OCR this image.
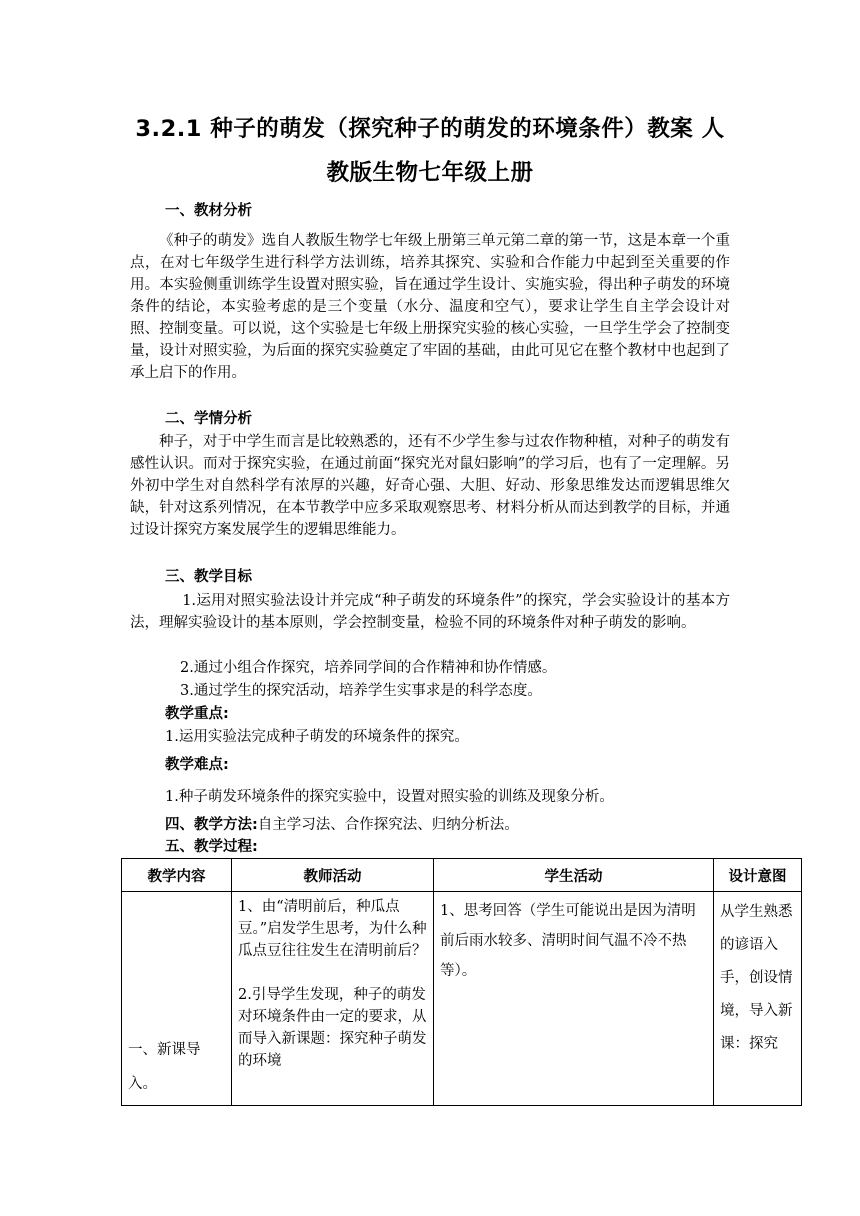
3.2.1 种子的萌发（探究种子的萌发的环境条件）教案 人
教版生物七年级上册
一、教材分析

《种子的萌发》选自人教版生物学七年级上册第三单元第二章的第一节，这是本章一个重点，在对七年级学生进行科学方法训练，培养其探究、实验和合作能力中起到至关重要的作用。本实验侧重训练学生设置对照实验，旨在通过学生设计、实施实验，得出种子萌发的环境条件的结论，本实验考虑的是三个变量（水分、温度和空气），要求让学生自主学会设计对照、控制变量。可以说，这个实验是七年级上册探究实验的核心实验，一旦学生学会了控制变量，设计对照实验，为后面的探究实验奠定了牢固的基础，由此可见它在整个教材中也起到了承上启下的作用。

二、学情分析

种子，对于中学生而言是比较熟悉的，还有不少学生参与过农作物种植，对种子的萌发有感性认识。而对于探究实验，在通过前面“探究光对鼠妇影响”的学习后，也有了一定理解。另外初中学生对自然科学有浓厚的兴趣，好奇心强、大胆、好动、形象思维发达而逻辑思维欠缺，针对这系列情况，在本节教学中应多采取观察思考、材料分析从而达到教学的目标，并通过设计探究方案发展学生的逻辑思维能力。

三、教学目标

1.运用对照实验法设计并完成“种子萌发的环境条件”的探究，学会实验设计的基本方法，理解实验设计的基本原则，学会控制变量，检验不同的环境条件对种子萌发的影响。

2.通过小组合作探究，培养同学间的合作精神和协作情感。
3.通过学生的探究活动，培养学生实事求是的科学态度。
教学重点:
1.运用实验法完成种子萌发的环境条件的探究。
教学难点:
1.种子萌发环境条件的探究实验中，设置对照实验的训练及现象分析。
四、教学方法:自主学习法、合作探究法、归纳分析法。
五、教学过程:
教学内容	教师活动	学生活动	设计意图
一、新课导入。	1、由“清明前后，种瓜点豆。”启发学生思考，为什么种瓜点豆往往发生在清明前后？
2.引导学生发现，种子的萌发对环境条件由一定的要求，从而导入新课题：探究种子萌发的环境	1、思考回答（学生可能说出是因为清明前后雨水较多、清明时间气温不冷不热等）。	从学生熟悉的谚语入手，创设情境，导入新课：探究
